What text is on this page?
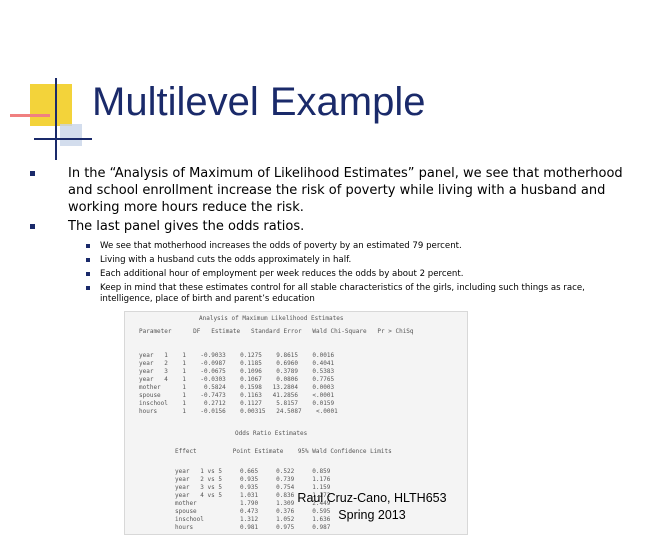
Multilevel Example

In the “Analysis of Maximum of Likelihood Estimates” panel, we see that motherhood and school enrollment increase the risk of poverty while living with a husband and working more hours reduce the risk.

The last panel gives the odds ratios.

We see that motherhood increases the odds of poverty by an estimated 79 percent.
Living with a husband cuts the odds approximately in half.
Each additional hour of employment per week reduces the odds by about 2 percent.
Keep in mind that these estimates control for all stable characteristics of the girls, including such things as race, intelligence, place of birth and parent’s education
Analysis of Maximum Likelihood Estimates
Parameter      DF   Estimate   Standard Error   Wald Chi-Square   Pr > ChiSq
year   1    1    -0.9033    0.1275    9.8615    0.0016
year   2    1    -0.0987    0.1185    0.6960    0.4041
year   3    1    -0.0675    0.1096    0.3789    0.5383
year   4    1    -0.0303    0.1067    0.0806    0.7765
mother      1     0.5824    0.1598   13.2804    0.0003
spouse      1    -0.7473    0.1163   41.2856    <.0001
inschool    1     0.2712    0.1127    5.8157    0.0159
hours       1    -0.0156    0.00315   24.5087    <.0001
Odds Ratio Estimates
Effect          Point Estimate    95% Wald Confidence Limits
year   1 vs 5     0.665     0.522     0.859
year   2 vs 5     0.935     0.739     1.176
year   3 vs 5     0.935     0.754     1.159
year   4 vs 5     1.031     0.836     1.272
mother            1.790     1.309     2.449
spouse            0.473     0.376     0.595
inschool          1.312     1.052     1.636
hours             0.981     0.975     0.987
Raul Cruz-Cano, HLTH653
Spring 2013
